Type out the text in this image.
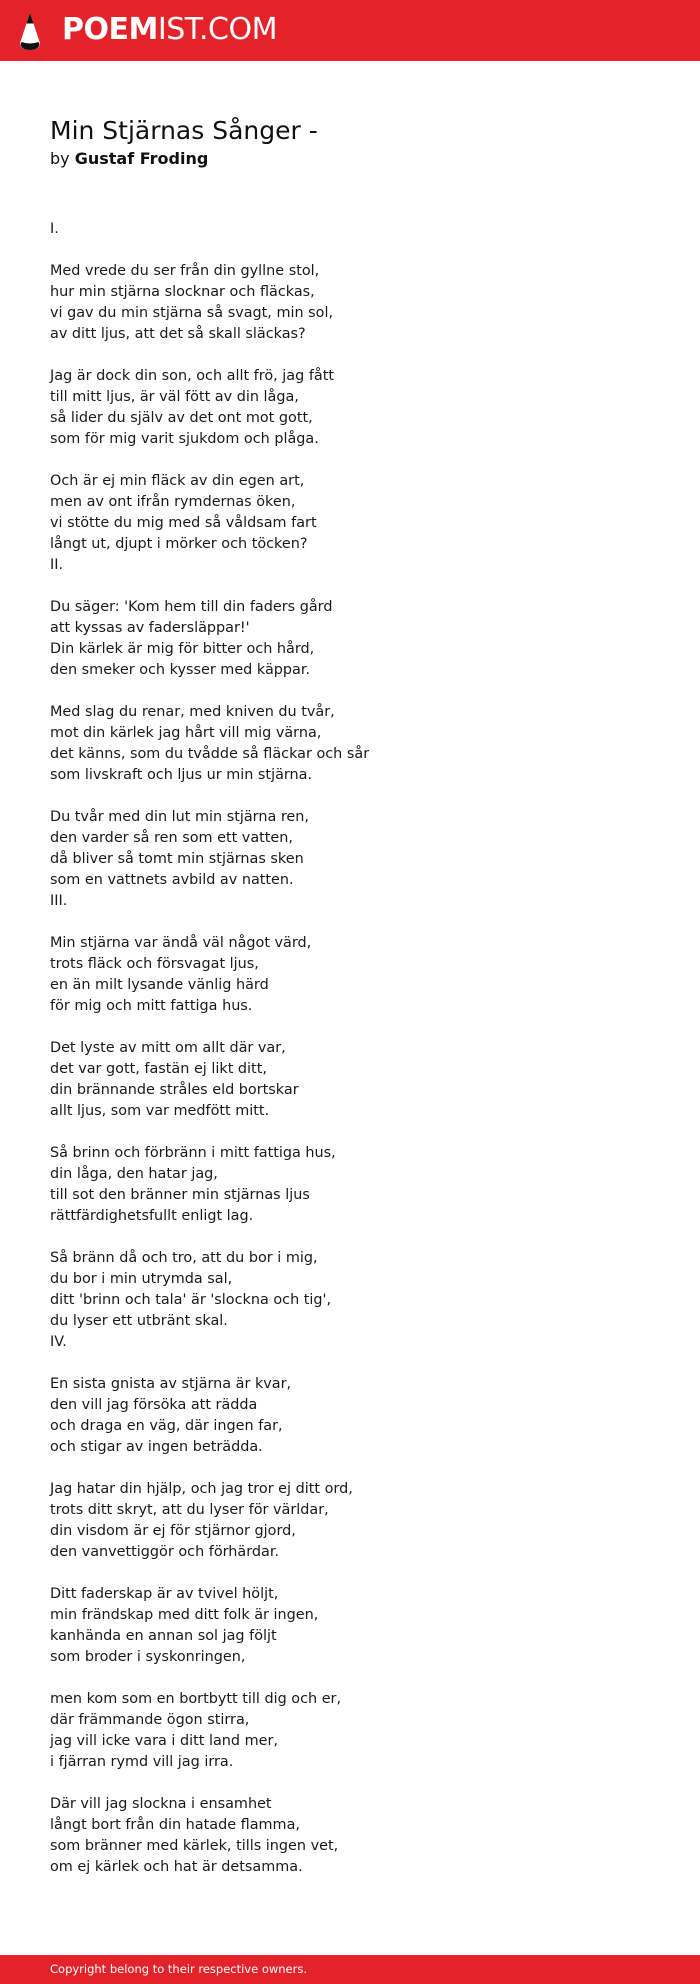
POEMIST.COM
Min Stjärnas Sånger -
by Gustaf Froding
I.
Med vrede du ser från din gyllne stol,
hur min stjärna slocknar och fläckas,
vi gav du min stjärna så svagt, min sol,
av ditt ljus, att det så skall släckas?
Jag är dock din son, och allt frö, jag fått
till mitt ljus, är väl fött av din låga,
så lider du själv av det ont mot gott,
som för mig varit sjukdom och plåga.
Och är ej min fläck av din egen art,
men av ont ifrån rymdernas öken,
vi stötte du mig med så våldsam fart
långt ut, djupt i mörker och töcken?
II.
Du säger: 'Kom hem till din faders gård
att kyssas av fadersläppar!'
Din kärlek är mig för bitter och hård,
den smeker och kysser med käppar.
Med slag du renar, med kniven du tvår,
mot din kärlek jag hårt vill mig värna,
det känns, som du tvådde så fläckar och sår
som livskraft och ljus ur min stjärna.
Du tvår med din lut min stjärna ren,
den varder så ren som ett vatten,
då bliver så tomt min stjärnas sken
som en vattnets avbild av natten.
III.
Min stjärna var ändå väl något värd,
trots fläck och försvagat ljus,
en än milt lysande vänlig härd
för mig och mitt fattiga hus.
Det lyste av mitt om allt där var,
det var gott, fastän ej likt ditt,
din brännande stråles eld bortskar
allt ljus, som var medfött mitt.
Så brinn och förbränn i mitt fattiga hus,
din låga, den hatar jag,
till sot den bränner min stjärnas ljus
rättfärdighetsfullt enligt lag.
Så bränn då och tro, att du bor i mig,
du bor i min utrymda sal,
ditt 'brinn och tala' är 'slockna och tig',
du lyser ett utbränt skal.
IV.
En sista gnista av stjärna är kvar,
den vill jag försöka att rädda
och draga en väg, där ingen far,
och stigar av ingen beträdda.
Jag hatar din hjälp, och jag tror ej ditt ord,
trots ditt skryt, att du lyser för världar,
din visdom är ej för stjärnor gjord,
den vanvettiggör och förhärdar.
Ditt faderskap är av tvivel höljt,
min frändskap med ditt folk är ingen,
kanhända en annan sol jag följt
som broder i syskonringen,
men kom som en bortbytt till dig och er,
där främmande ögon stirra,
jag vill icke vara i ditt land mer,
i fjärran rymd vill jag irra.
Där vill jag slockna i ensamhet
långt bort från din hatade flamma,
som bränner med kärlek, tills ingen vet,
om ej kärlek och hat är detsamma.
Copyright belong to their respective owners.
